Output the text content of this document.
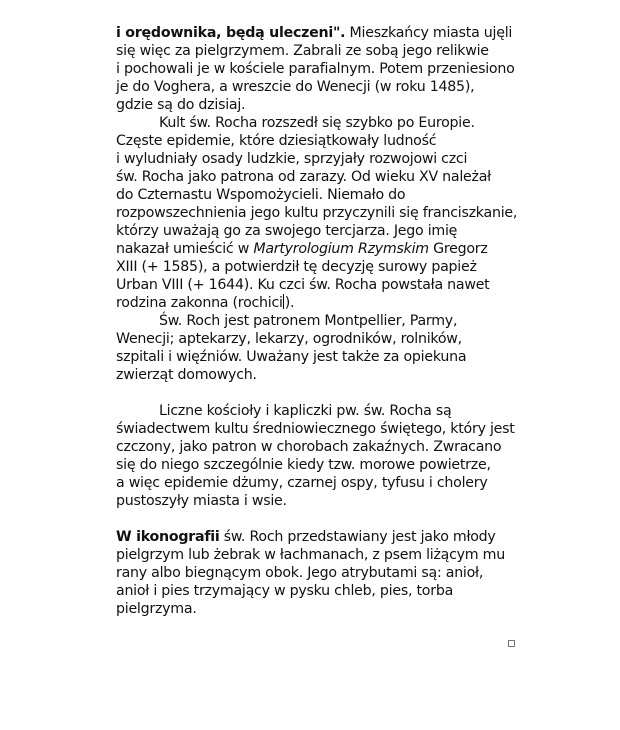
i orędownika, będą uleczeni". Mieszkańcy miasta ujęli
się więc za pielgrzymem. Zabrali ze sobą jego relikwie
i pochowali je w kościele parafialnym. Potem przeniesiono
je do Voghera, a wreszcie do Wenecji (w roku 1485),
gdzie są do dzisiaj.
Kult św. Rocha rozszedł się szybko po Europie.
Częste epidemie, które dziesiątkowały ludność
i wyludniały osady ludzkie, sprzyjały rozwojowi czci
św. Rocha jako patrona od zarazy. Od wieku XV należał
do Czternastu Wspomożycieli. Niemało do
rozpowszechnienia jego kultu przyczynili się franciszkanie,
którzy uważają go za swojego tercjarza. Jego imię
nakazał umieścić w Martyrologium Rzymskim Gregorz
XIII (+ 1585), a potwierdził tę decyzję surowy papież
Urban VIII (+ 1644). Ku czci św. Rocha powstała nawet
rodzina zakonna (rochici ).
Św. Roch jest patronem Montpellier, Parmy,
Wenecji; aptekarzy, lekarzy, ogrodników, rolników,
szpitali i więźniów. Uważany jest także za opiekuna
zwierząt domowych.
Liczne kościoły i kapliczki pw. św. Rocha są
świadectwem kultu średniowiecznego świętego, który jest
czczony, jako patron w chorobach zakaźnych. Zwracano
się do niego szczególnie kiedy tzw. morowe powietrze,
a więc epidemie dżumy, czarnej ospy, tyfusu i cholery
pustoszyły miasta i wsie.
W ikonografii św. Roch przedstawiany jest jako młody
pielgrzym lub żebrak w łachmanach, z psem liżącym mu
rany albo biegnącym obok. Jego atrybutami są: anioł,
anioł i pies trzymający w pysku chleb, pies, torba
pielgrzyma.
